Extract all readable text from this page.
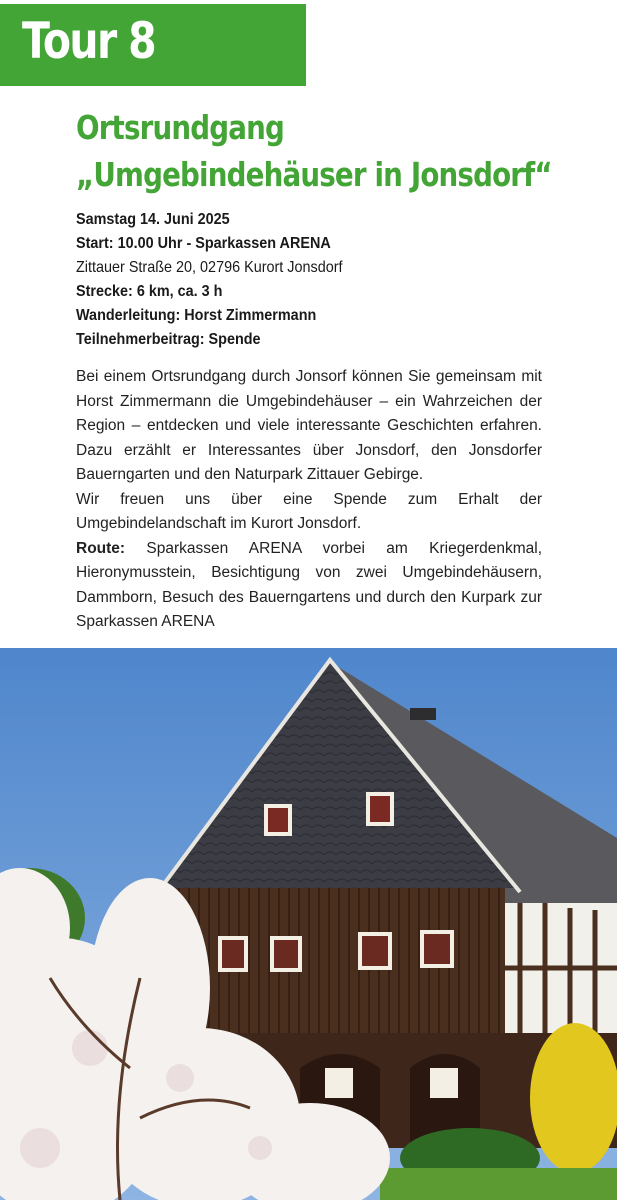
Tour 8
Ortsrundgang
„Umgebindehäuser in Jonsdorf“
Samstag 14. Juni 2025
Start: 10.00 Uhr - Sparkassen ARENA
Zittauer Straße 20, 02796 Kurort Jonsdorf
Strecke: 6 km, ca. 3 h
Wanderleitung: Horst Zimmermann
Teilnehmerbeitrag: Spende

Bei einem Ortsrundgang durch Jonsorf können Sie gemeinsam mit Horst Zimmermann die Umgebindehäuser – ein Wahrzeichen der Region – entdecken und viele interessante Geschichten erfahren. Dazu erzählt er Interessantes über Jonsdorf, den Jonsdorfer Bauerngarten und den Naturpark Zittauer Gebirge.

Wir freuen uns über eine Spende zum Erhalt der Umgebindelandschaft im Kurort Jonsdorf.

Route: Sparkassen ARENA vorbei am Kriegerdenkmal, Hieronymusstein, Besichtigung von zwei Umgebindehäusern, Dammborn, Besuch des Bauerngartens und durch den Kurpark zur Sparkassen ARENA
